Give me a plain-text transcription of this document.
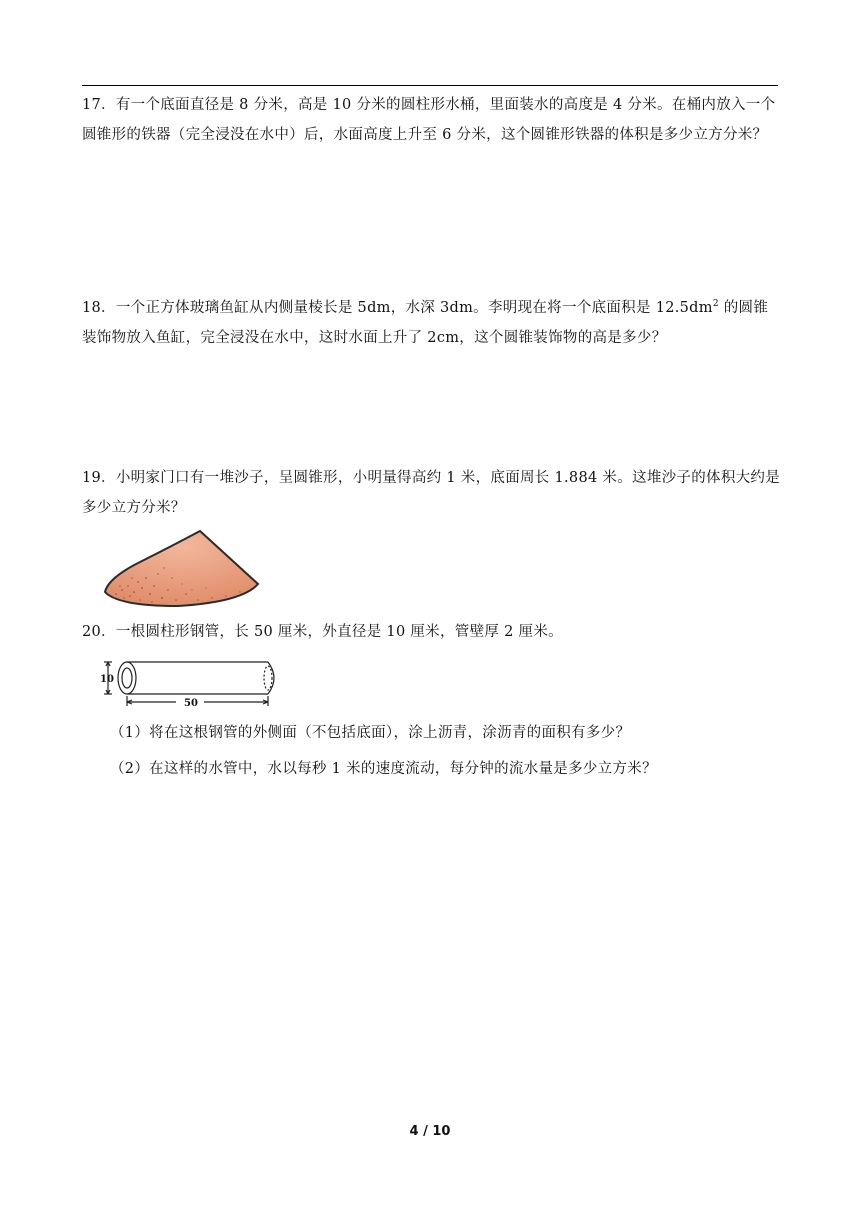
17．有一个底面直径是 8 分米，高是 10 分米的圆柱形水桶，里面装水的高度是 4 分米。在桶内放入一个圆锥形的铁器（完全浸没在水中）后，水面高度上升至 6 分米，这个圆锥形铁器的体积是多少立方分米？

18．一个正方体玻璃鱼缸从内侧量棱长是 5dm，水深 3dm。李明现在将一个底面积是 $12.5dm^2$ 的圆锥装饰物放入鱼缸，完全浸没在水中，这时水面上升了 2cm，这个圆锥装饰物的高是多少？

19．小明家门口有一堆沙子，呈圆锥形，小明量得高约 1 米，底面周长 1.884 米。这堆沙子的体积大约是多少立方分米？

20．一根圆柱形钢管，长 50 厘米，外直径是 10 厘米，管壁厚 2 厘米。

10
50
（1）将在这根钢管的外侧面（不包括底面），涂上沥青，涂沥青的面积有多少？
（2）在这样的水管中，水以每秒 1 米的速度流动，每分钟的流水量是多少立方米？
4 / 10
